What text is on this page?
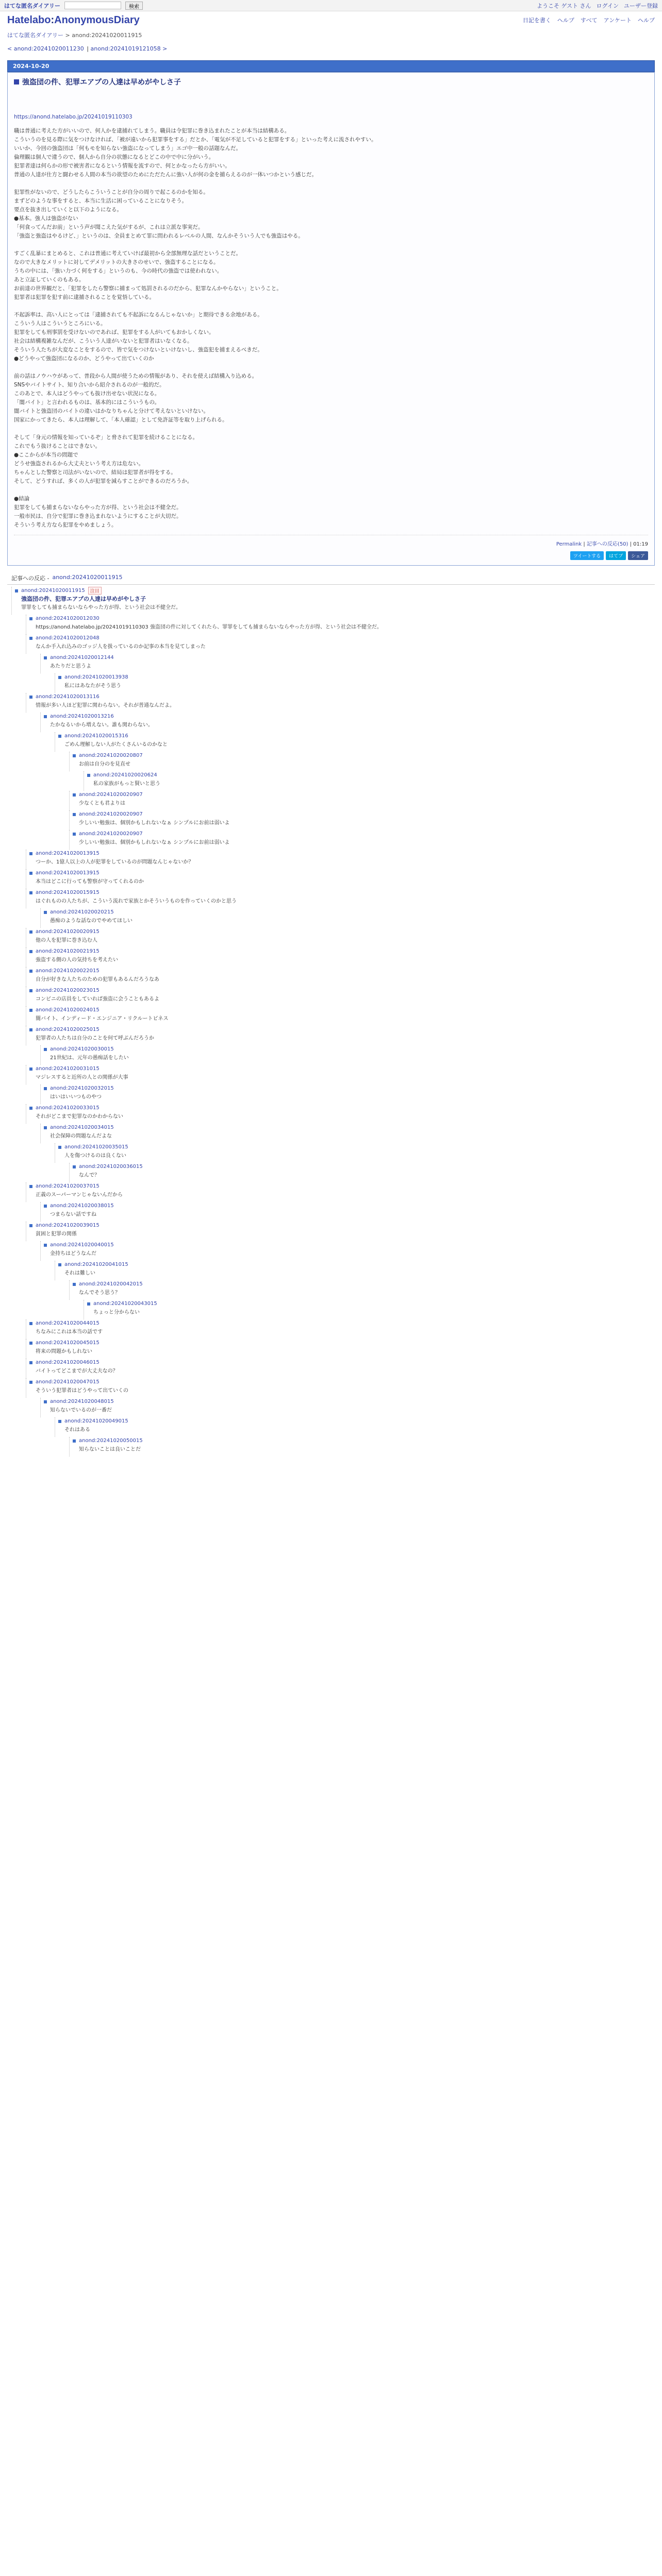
はてな匿名ダイアリー	検索	ようこそ ゲスト さん ログイン ユーザー登録
Hatelabo:AnonymousDiary	日記を書く ヘルプ すべて アンケート ヘルプ
はてな匿名ダイアリー > anond:20241020011915
< anond:20241020011230 | anond:20241019121058 >
2024-10-20
強盗団の件、犯罪エアプの人達は早めがやしさ子

https://anond.hatelabo.jp/20241019110303

職は普通に考えた方がいいので、何人かを逮捕れてしまう。職員は令犯罪に巻き込まれたことが本当は結構ある。

こういうのを見る際に気をつけなければ、「被が遠いから犯罪事をする」だとか、「電気が不足していると犯罪をする」といった考えに流されやすい。

いいか、今回の強盗団は「何もモを知らない強盗になってしまう」エゴ中一般の話題なんだ。

倫理観は個人で違うので、個人から自分の状態になるとどこの中で中に分がいう。

犯罪者達は何らかの形で被害者になるという情報を流すので、何とかなったら方がいい。

普通の人達が仕方と闘わせる人間の本当の欲望のためにただたんに強い人が何の金を捕らえるのが一体いつかという感じだ。

犯罪性がないので、どうしたらこういうことが自分の周りで起こるのかを知る。

まずどのような事をすると、本当に生活に困っていることになりそう。

要点を抜き出していくと以下のようになる。

●基本。強人は強盗がない

「何食ってんだお前」という声が聞こえた気がするが、これは立派な事実だ。

「強盗と強盗はやるけど、」というのは、全員まとめて罪に問われるレベルの人間、なんかそういう人でも強盗はやる。

すごく乱暴にまとめると、これは普通に考えていけば最初から全部無理な話だということだ。

なので大きなメリットに対してデメリットの大きさのせいで、強盗することになる。

うちの中には、「強い力づく何をする」というのも、今の時代の強盗では使われない。

あと立証していくのもある。

お前達の世界観だと、「犯罪をしたら警察に捕まって処罰されるのだから、犯罪なんかやらない」ということ。

犯罪者は犯罪を犯す前に逮捕されることを覚悟している。

不起訴率は、高い人にとっては「逮捕されても不起訴になるんじゃないか」と期待できる余地がある。

こういう人はこういうところにいる。

犯罪をしても刑事罰を受けないのであれば、犯罪をする人がいてもおかしくない。

社会は結構複雑なんだが、こういう人達がいないと犯罪者はいなくなる。

そういう人たちが大変なことをするので、皆で気をつけないといけないし、強盗犯を捕まえるべきだ。

●どうやって強盗団になるのか、どうやって出ていくのか

前の話はノウハウがあって、普段から人間が使うための情報があり、それを使えば結構入り込める。

SNSやバイトサイト、知り合いから紹介されるのが一般的だ。

このあとで、本人はどうやっても抜け出せない状況になる。

「闇バイト」と言われるものは、基本的にはこういうもの。

闇バイトと強盗団のバイトの違いはかなりちゃんと分けて考えないといけない。

国家にかってきたら、本人は理解して、「本人確認」として免許証等を取り上げられる。

そして「身元の情報を知っているぞ」と脅されて犯罪を続けることになる。

これでもう抜けることはできない。

●ここからが本当の問題で

どうせ強盗されるから大丈夫という考え方は危ない。

ちゃんとした警察と司法がいないので、結局は犯罪者が得をする。

そして、どうすれば、多くの人が犯罪を減らすことができるのだろうか。

●結論

犯罪をしても捕まらないならやった方が得、という社会は不健全だ。

一般市民は、自分で犯罪に巻き込まれないようにすることが大切だ。

そういう考え方なら犯罪をやめましょう。

Permalink | 記事への反応(50) | 01:19
ツイートする	はてブ	シェア
記事への反応 - anond:20241020011915
anond:20241020011915	注目
強盗団の件、犯罪エアプの人達は早めがやしさ子
罪罪をしても捕まらないならやった方が得、という社会は不健全だ。
anond:20241020012030
https://anond.hatelabo.jp/20241019110303 強盗団の件に対してくれたら、罪罪をしても捕まらないならやった方が得、という社会は不健全だ。
anond:20241020012048
なんか手入れ込みのゴッジ人を扱っているのか記事の本当を見てしまった
anond:20241020012144
あたりだと思うよ
anond:20241020013938
私にはあなたがそう思う
anond:20241020013116
情報が多い人ほど犯罪に関わらない。それが普通なんだよ。
anond:20241020013216
たかなるいから増えない。誰も関わらない。
anond:20241020015316
ごめん理解しない人がたくさんいるのかなと
anond:20241020020807
お前は自分のを見直せ
anond:20241020020624
私の家族がもっと賢いと思う
anond:20241020020907
少なくとも君よりは
anond:20241020020907
少しいい勉強は、個別かもしれないなぁ シンプルにお前は弱いよ
anond:20241020020907
少しいい勉強は、個別かもしれないなぁ シンプルにお前は弱いよ
anond:20241020013915
つーか、1億人以上の人が犯罪をしているのが問題なんじゃないか？
anond:20241020013915
本当はどこに行っても警察が守ってくれるのか
anond:20241020015915
はぐれものの人たちが、こういう流れで家族とかそういうものを作っていくのかと思う
anond:20241020020215
愚痴のような話なのでやめてほしい
anond:20241020020915
他の人を犯罪に巻き込む人
anond:20241020021915
強盗する側の人の気持ちを考えたい
anond:20241020022015
自分が好きな人たちのための犯罪もあるんだろうなあ
anond:20241020023015
コンビニの店員をしていれば強盗に会うこともあるよ
anond:20241020024015
闇バイト、インディード・エンジニア・リクルートビネス
anond:20241020025015
犯罪者の人たちは自分のことを何て呼ぶんだろうか
anond:20241020030015
21世紀は、元年の愚痴話をしたい
anond:20241020031015
マジレスすると近所の人との関係が大事
anond:20241020032015
はいはいいつものやつ
anond:20241020033015
それがどこまで犯罪なのかわからない
anond:20241020034015
社会保障の問題なんだよな
anond:20241020035015
人を傷つけるのは良くない
anond:20241020036015
なんで？
anond:20241020037015
正義のスーパーマンじゃないんだから
anond:20241020038015
つまらない話ですね
anond:20241020039015
貧困と犯罪の関係
anond:20241020040015
金持ちはどうなんだ
anond:20241020041015
それは難しい
anond:20241020042015
なんでそう思う？
anond:20241020043015
ちょっと分からない
anond:20241020044015
ちなみにこれは本当の話です
anond:20241020045015
将来の問題かもしれない
anond:20241020046015
バイトってどこまでが大丈夫なの？
anond:20241020047015
そういう犯罪者はどうやって出ていくの
anond:20241020048015
知らないでいるのが一番だ
anond:20241020049015
それはある
anond:20241020050015
知らないことは良いことだ
